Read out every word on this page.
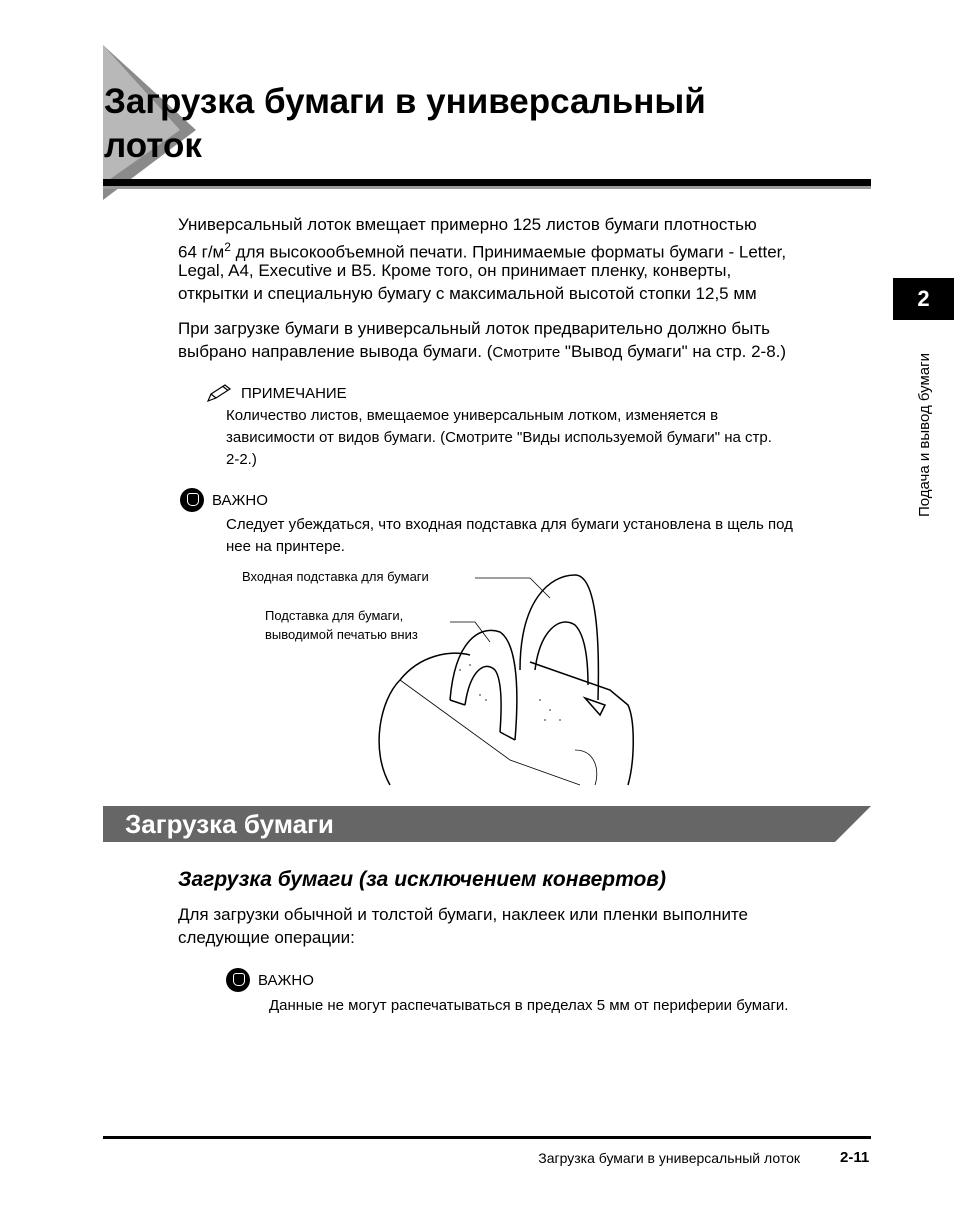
Загрузка бумаги в универсальный
лоток
Универсальный лоток вмещает примерно 125 листов бумаги плотностью
64 $г/м^2$ для высокообъемной печати. Принимаемые форматы бумаги - Letter,
Legal, A4, Executive и B5. Кроме того, он принимает пленку, конверты,
открытки и специальную бумагу с максимальной высотой стопки 12,5 мм
При загрузке бумаги в универсальный лоток предварительно должно быть
выбрано направление вывода бумаги. (Смотрите "Вывод бумаги" на стр. 2-8.)
ПРИМЕЧАНИЕ
Количество листов, вмещаемое универсальным лотком, изменяется в
зависимости от видов бумаги. (Смотрите "Виды используемой бумаги" на стр.
2-2.)
ВАЖНО
Следует убеждаться, что входная подставка для бумаги установлена в щель под
нее на принтере.
Входная подставка для бумаги
Подставка для бумаги,
выводимой печатью вниз
Загрузка бумаги
Загрузка бумаги (за исключением конвертов)
Для загрузки обычной и толстой бумаги, наклеек или пленки выполните
следующие операции:
ВАЖНО
Данные не могут распечатываться в пределах 5 мм от периферии бумаги.
2
Подача и вывод бумаги
Загрузка бумаги в универсальный лоток	2-11
